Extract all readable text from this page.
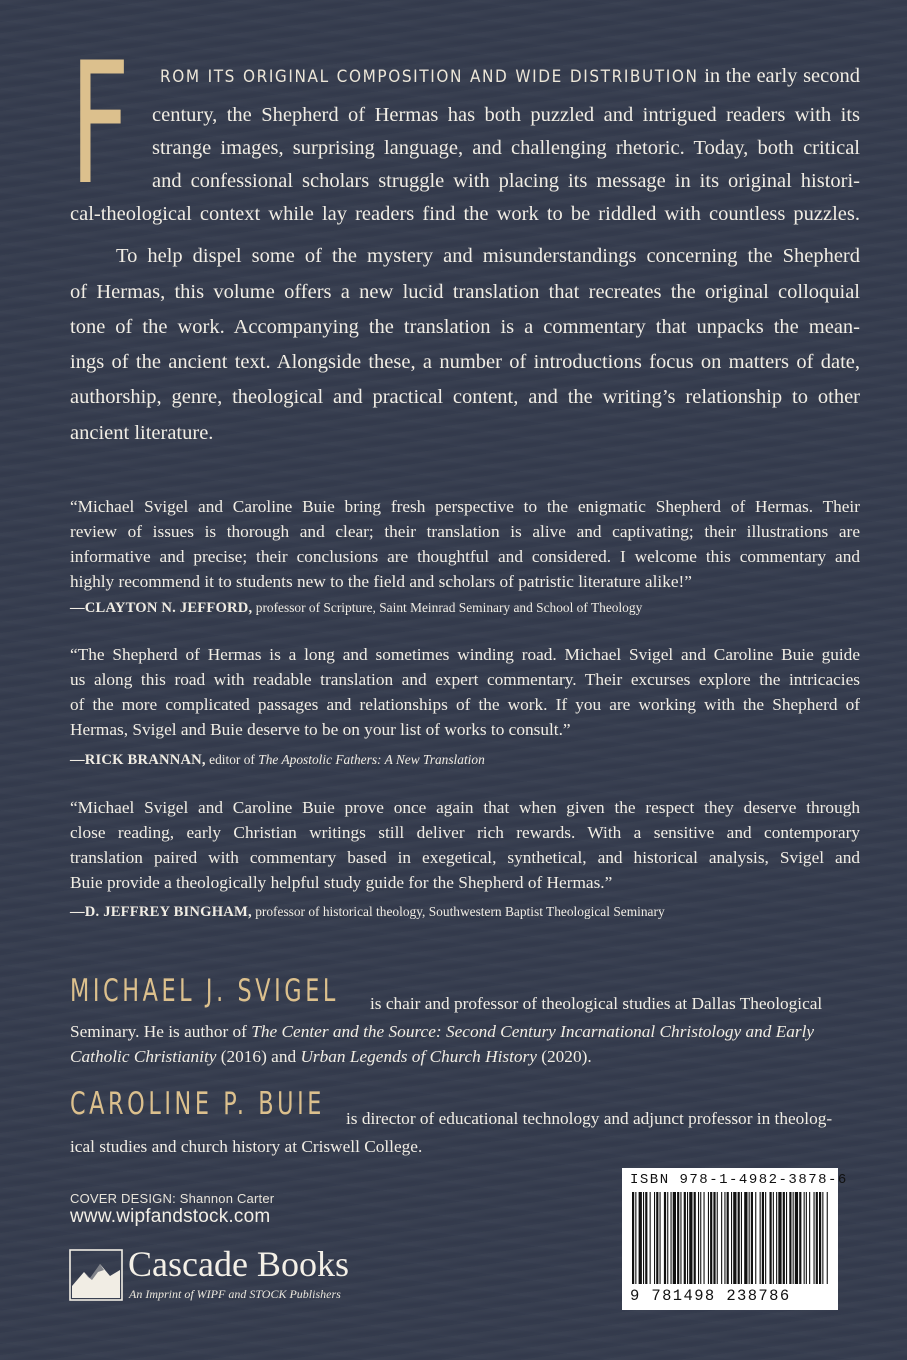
F ROM ITS ORIGINAL COMPOSITION AND WIDE DISTRIBUTION in the early second
century, the Shepherd of Hermas has both puzzled and intrigued readers with its
strange images, surprising language, and challenging rhetoric. Today, both critical
and confessional scholars struggle with placing its message in its original histori-
cal-theological context while lay readers find the work to be riddled with countless puzzles.
To help dispel some of the mystery and misunderstandings concerning the Shepherd
of Hermas, this volume offers a new lucid translation that recreates the original colloquial
tone of the work. Accompanying the translation is a commentary that unpacks the mean-
ings of the ancient text. Alongside these, a number of introductions focus on matters of date,
authorship, genre, theological and practical content, and the writing’s relationship to other
ancient literature.
“Michael Svigel and Caroline Buie bring fresh perspective to the enigmatic Shepherd of Hermas. Their
review of issues is thorough and clear; their translation is alive and captivating; their illustrations are
informative and precise; their conclusions are thoughtful and considered. I welcome this commentary and
highly recommend it to students new to the field and scholars of patristic literature alike!”
—CLAYTON N. JEFFORD, professor of Scripture, Saint Meinrad Seminary and School of Theology
“The Shepherd of Hermas is a long and sometimes winding road. Michael Svigel and Caroline Buie guide
us along this road with readable translation and expert commentary. Their excurses explore the intricacies
of the more complicated passages and relationships of the work. If you are working with the Shepherd of
Hermas, Svigel and Buie deserve to be on your list of works to consult.”
—RICK BRANNAN, editor of The Apostolic Fathers: A New Translation
“Michael Svigel and Caroline Buie prove once again that when given the respect they deserve through
close reading, early Christian writings still deliver rich rewards. With a sensitive and contemporary
translation paired with commentary based in exegetical, synthetical, and historical analysis, Svigel and
Buie provide a theologically helpful study guide for the Shepherd of Hermas.”
—D. JEFFREY BINGHAM, professor of historical theology, Southwestern Baptist Theological Seminary
MICHAEL J. SVIGEL	is chair and professor of theological studies at Dallas Theological
Seminary. He is author of The Center and the Source: Second Century Incarnational Christology and Early
Catholic Christianity (2016) and Urban Legends of Church History (2020).
CAROLINE P. BUIE	is director of educational technology and adjunct professor in theolog-
ical studies and church history at Criswell College.
COVER DESIGN: Shannon Carter
www.wipfandstock.com
Cascade Books
An Imprint of WIPF and STOCK Publishers
ISBN 978-1-4982-3878-6
9 781498 238786
